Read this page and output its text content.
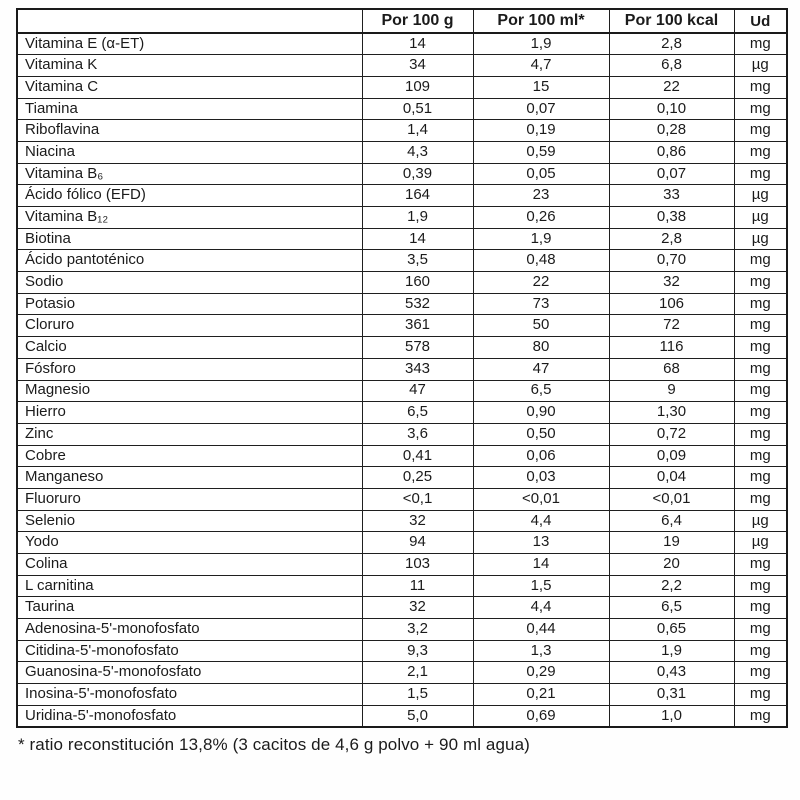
	Por 100 g	Por 100 ml*	Por 100 kcal	Ud
Vitamina E (α-ET)	14	1,9	2,8	mg
Vitamina K	34	4,7	6,8	µg
Vitamina C	109	15	22	mg
Tiamina	0,51	0,07	0,10	mg
Riboflavina	1,4	0,19	0,28	mg
Niacina	4,3	0,59	0,86	mg
Vitamina B₆	0,39	0,05	0,07	mg
Ácido fólico (EFD)	164	23	33	µg
Vitamina B₁₂	1,9	0,26	0,38	µg
Biotina	14	1,9	2,8	µg
Ácido pantoténico	3,5	0,48	0,70	mg
Sodio	160	22	32	mg
Potasio	532	73	106	mg
Cloruro	361	50	72	mg
Calcio	578	80	116	mg
Fósforo	343	47	68	mg
Magnesio	47	6,5	9	mg
Hierro	6,5	0,90	1,30	mg
Zinc	3,6	0,50	0,72	mg
Cobre	0,41	0,06	0,09	mg
Manganeso	0,25	0,03	0,04	mg
Fluoruro	<0,1	<0,01	<0,01	mg
Selenio	32	4,4	6,4	µg
Yodo	94	13	19	µg
Colina	103	14	20	mg
L carnitina	11	1,5	2,2	mg
Taurina	32	4,4	6,5	mg
Adenosina-5'-monofosfato	3,2	0,44	0,65	mg
Citidina-5'-monofosfato	9,3	1,3	1,9	mg
Guanosina-5'-monofosfato	2,1	0,29	0,43	mg
Inosina-5'-monofosfato	1,5	0,21	0,31	mg
Uridina-5'-monofosfato	5,0	0,69	1,0	mg
* ratio reconstitución 13,8% (3 cacitos de 4,6 g polvo + 90 ml agua)
